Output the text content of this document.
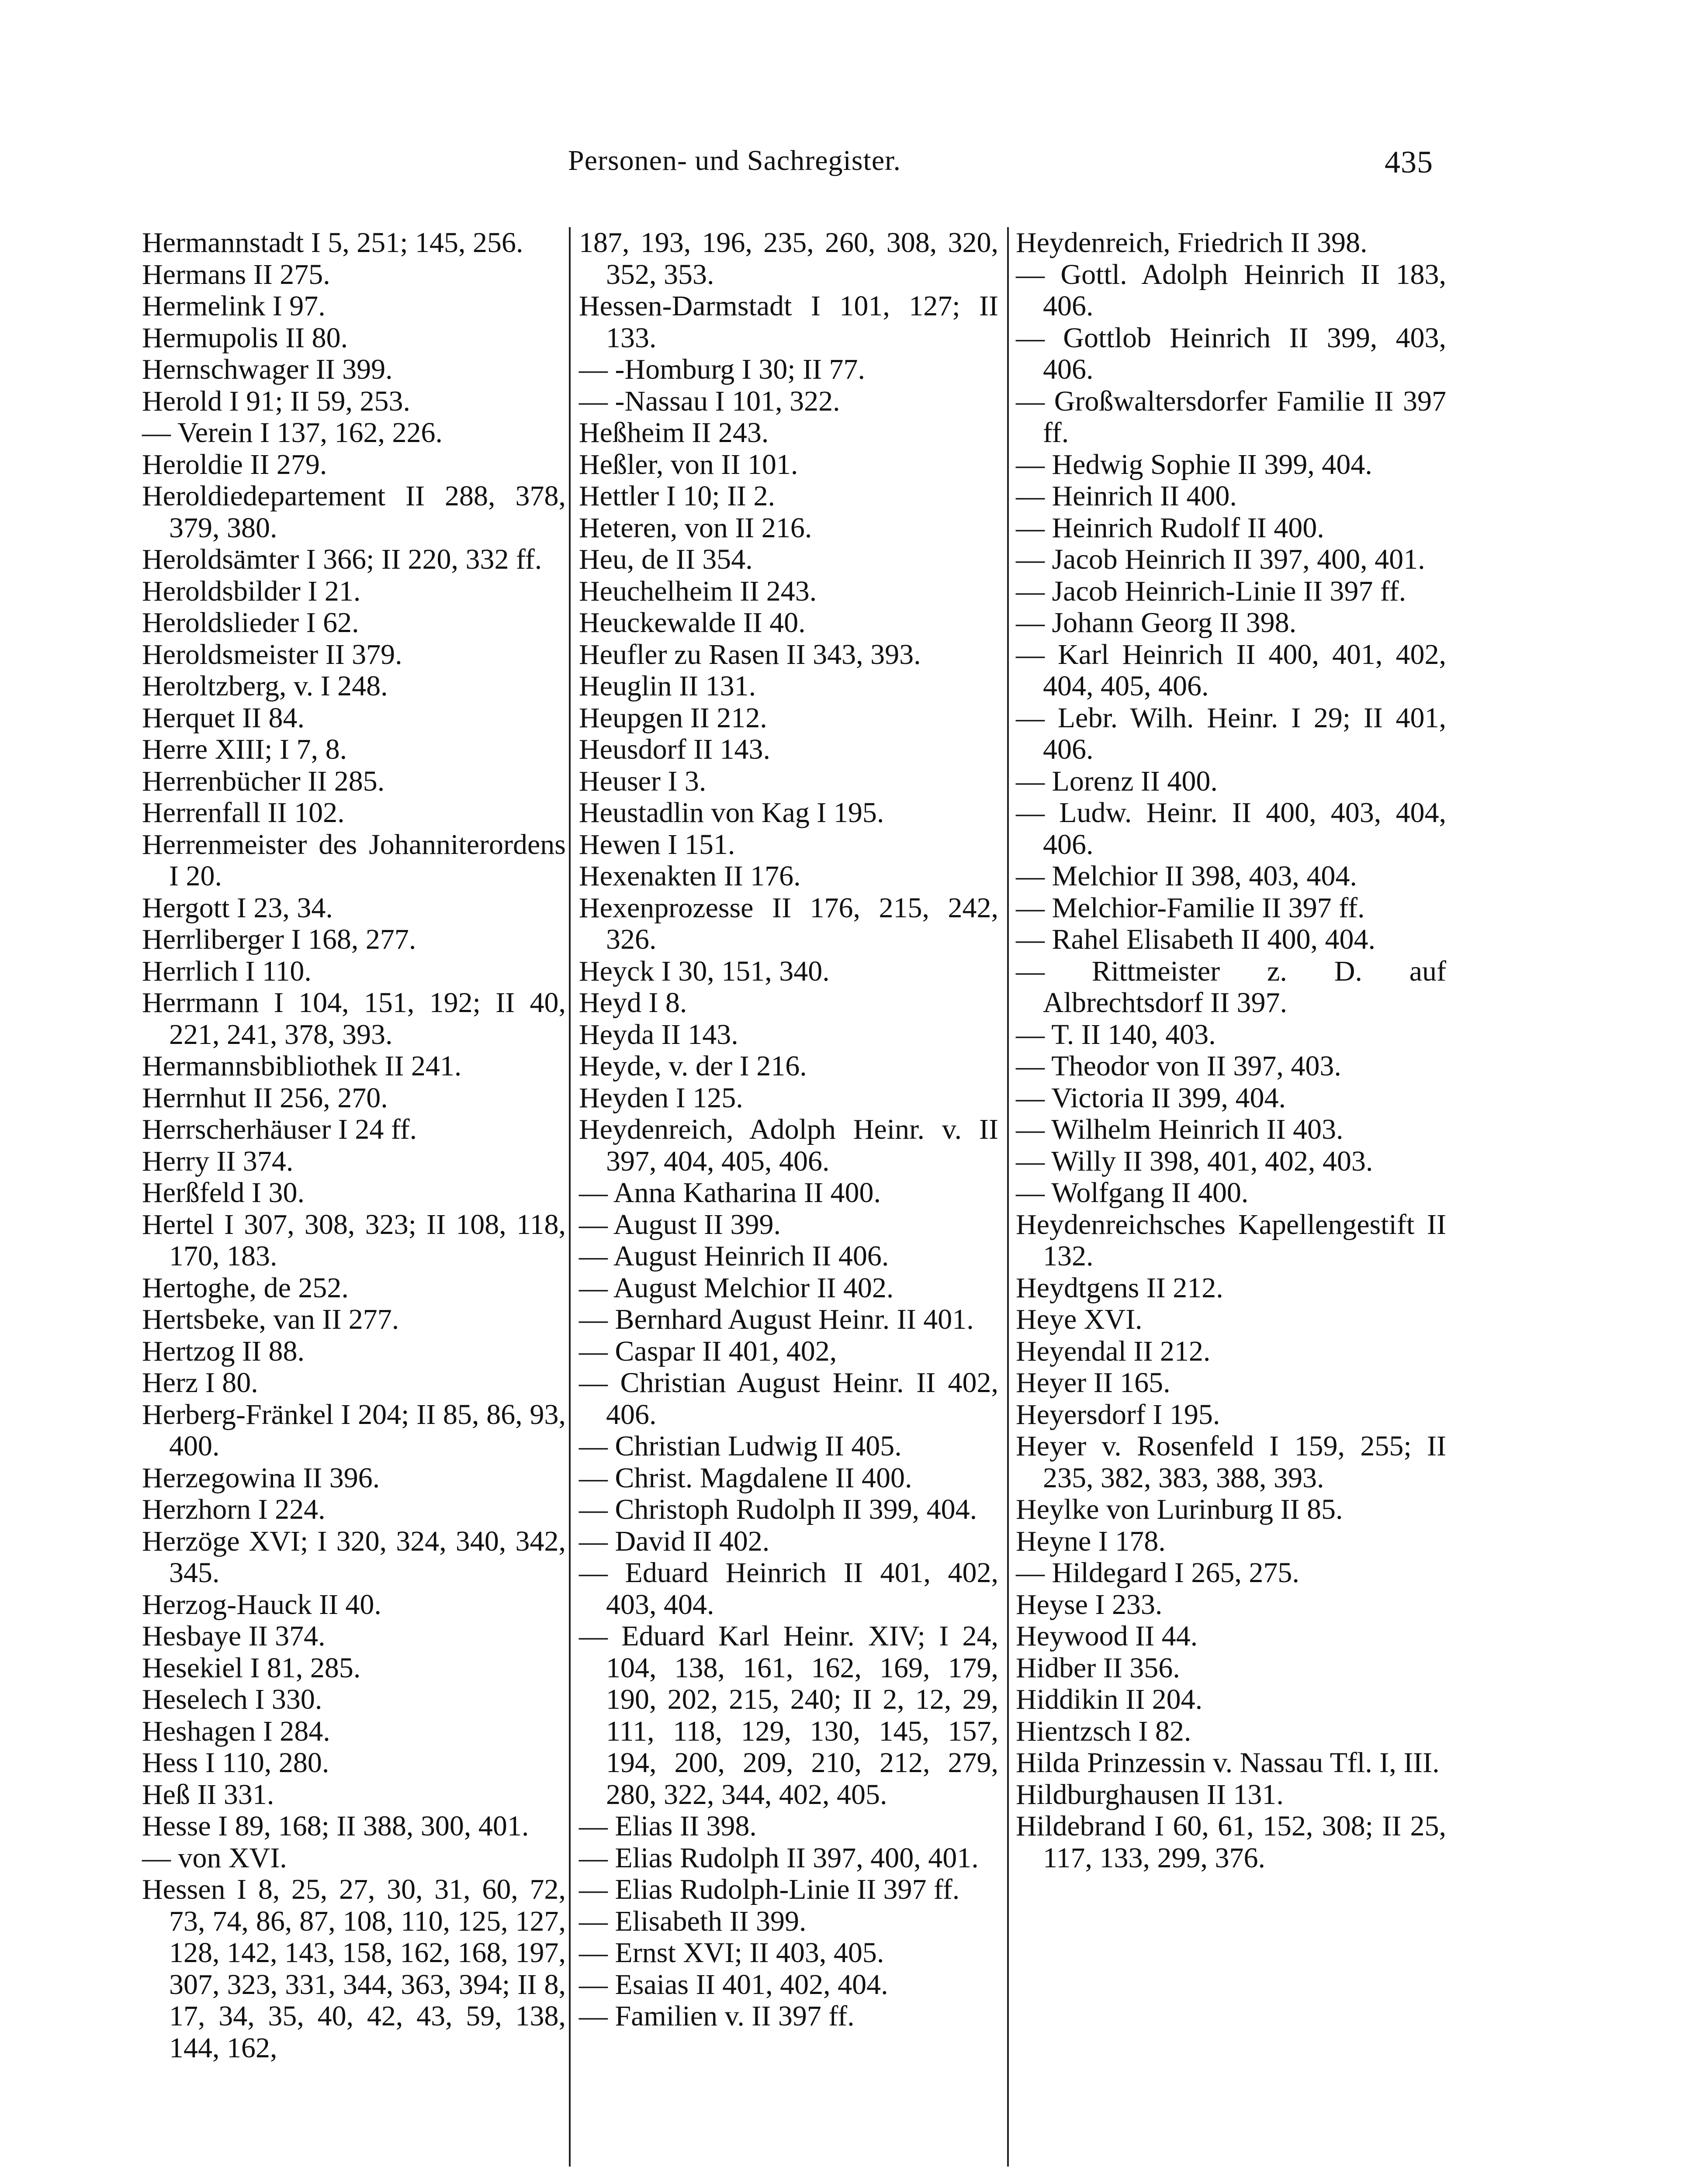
Personen- und Sachregister.	435
Hermannstadt I 5, 251; 145, 256.
Hermans II 275.
Hermelink I 97.
Hermupolis II 80.
Hernschwager II 399.
Herold I 91; II 59, 253.
— Verein I 137, 162, 226.
Heroldie II 279.
Heroldiedepartement II 288, 378, 379, 380.
Heroldsämter I 366; II 220, 332 ff.
Heroldsbilder I 21.
Heroldslieder I 62.
Heroldsmeister II 379.
Heroltzberg, v. I 248.
Herquet II 84.
Herre XIII; I 7, 8.
Herrenbücher II 285.
Herrenfall II 102.
Herrenmeister des Johanniterordens I 20.
Hergott I 23, 34.
Herrliberger I 168, 277.
Herrlich I 110.
Herrmann I 104, 151, 192; II 40, 221, 241, 378, 393.
Hermannsbibliothek II 241.
Herrnhut II 256, 270.
Herrscherhäuser I 24 ff.
Herry II 374.
Herßfeld I 30.
Hertel I 307, 308, 323; II 108, 118, 170, 183.
Hertoghe, de 252.
Hertsbeke, van II 277.
Hertzog II 88.
Herz I 80.
Herberg-Fränkel I 204; II 85, 86, 93, 400.
Herzegowina II 396.
Herzhorn I 224.
Herzöge XVI; I 320, 324, 340, 342, 345.
Herzog-Hauck II 40.
Hesbaye II 374.
Hesekiel I 81, 285.
Heselech I 330.
Heshagen I 284.
Hess I 110, 280.
Heß II 331.
Hesse I 89, 168; II 388, 300, 401.
— von XVI.
Hessen I 8, 25, 27, 30, 31, 60, 72, 73, 74, 86, 87, 108, 110, 125, 127, 128, 142, 143, 158, 162, 168, 197, 307, 323, 331, 344, 363, 394; II 8, 17, 34, 35, 40, 42, 43, 59, 138, 144, 162,
187, 193, 196, 235, 260, 308, 320, 352, 353.
Hessen-Darmstadt I 101, 127; II 133.
— -Homburg I 30; II 77.
— -Nassau I 101, 322.
Heßheim II 243.
Heßler, von II 101.
Hettler I 10; II 2.
Heteren, von II 216.
Heu, de II 354.
Heuchelheim II 243.
Heuckewalde II 40.
Heufler zu Rasen II 343, 393.
Heuglin II 131.
Heupgen II 212.
Heusdorf II 143.
Heuser I 3.
Heustadlin von Kag I 195.
Hewen I 151.
Hexenakten II 176.
Hexenprozesse II 176, 215, 242, 326.
Heyck I 30, 151, 340.
Heyd I 8.
Heyda II 143.
Heyde, v. der I 216.
Heyden I 125.
Heydenreich, Adolph Heinr. v. II 397, 404, 405, 406.
— Anna Katharina II 400.
— August II 399.
— August Heinrich II 406.
— August Melchior II 402.
— Bernhard August Heinr. II 401.
— Caspar II 401, 402,
— Christian August Heinr. II 402, 406.
— Christian Ludwig II 405.
— Christ. Magdalene II 400.
— Christoph Rudolph II 399, 404.
— David II 402.
— Eduard Heinrich II 401, 402, 403, 404.
— Eduard Karl Heinr. XIV; I 24, 104, 138, 161, 162, 169, 179, 190, 202, 215, 240; II 2, 12, 29, 111, 118, 129, 130, 145, 157, 194, 200, 209, 210, 212, 279, 280, 322, 344, 402, 405.
— Elias II 398.
— Elias Rudolph II 397, 400, 401.
— Elias Rudolph-Linie II 397 ff.
— Elisabeth II 399.
— Ernst XVI; II 403, 405.
— Esaias II 401, 402, 404.
— Familien v. II 397 ff.
Heydenreich, Friedrich II 398.
— Gottl. Adolph Heinrich II 183, 406.
— Gottlob Heinrich II 399, 403, 406.
— Großwaltersdorfer Familie II 397 ff.
— Hedwig Sophie II 399, 404.
— Heinrich II 400.
— Heinrich Rudolf II 400.
— Jacob Heinrich II 397, 400, 401.
— Jacob Heinrich-Linie II 397 ff.
— Johann Georg II 398.
— Karl Heinrich II 400, 401, 402, 404, 405, 406.
— Lebr. Wilh. Heinr. I 29; II 401, 406.
— Lorenz II 400.
— Ludw. Heinr. II 400, 403, 404, 406.
— Melchior II 398, 403, 404.
— Melchior-Familie II 397 ff.
— Rahel Elisabeth II 400, 404.
— Rittmeister z. D. auf Albrechtsdorf II 397.
— T. II 140, 403.
— Theodor von II 397, 403.
— Victoria II 399, 404.
— Wilhelm Heinrich II 403.
— Willy II 398, 401, 402, 403.
— Wolfgang II 400.
Heydenreichsches Kapellengestift II 132.
Heydtgens II 212.
Heye XVI.
Heyendal II 212.
Heyer II 165.
Heyersdorf I 195.
Heyer v. Rosenfeld I 159, 255; II 235, 382, 383, 388, 393.
Heylke von Lurinburg II 85.
Heyne I 178.
— Hildegard I 265, 275.
Heyse I 233.
Heywood II 44.
Hidber II 356.
Hiddikin II 204.
Hientzsch I 82.
Hilda Prinzessin v. Nassau Tfl. I, III.
Hildburghausen II 131.
Hildebrand I 60, 61, 152, 308; II 25, 117, 133, 299, 376.
